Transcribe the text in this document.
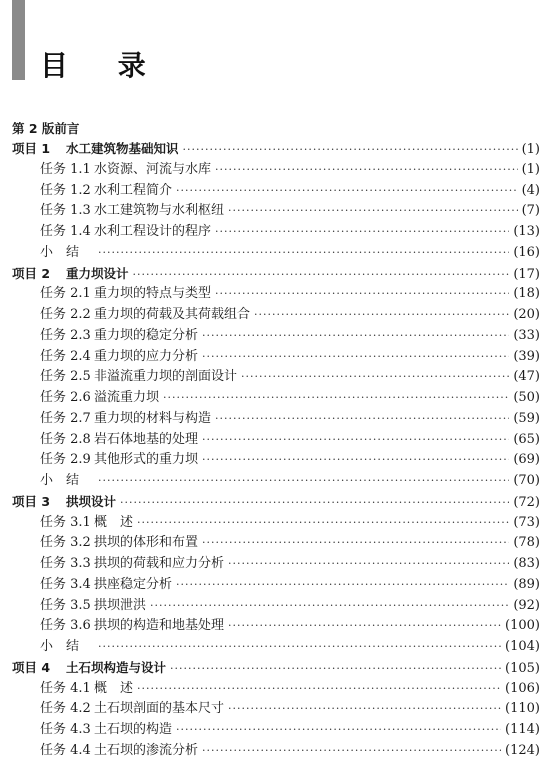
目 录
第 2 版前言
项目 1	水工建筑物基础知识 ·····	(1)
任务 1.1 水资源、河流与水库 ·····	(1)
任务 1.2 水利工程简介 ·····	(4)
任务 1.3 水工建筑物与水利枢纽 ·····	(7)
任务 1.4 水利工程设计的程序 ·····	(13)
小　结 ·····	(16)
项目 2	重力坝设计 ·····	(17)
任务 2.1 重力坝的特点与类型 ·····	(18)
任务 2.2 重力坝的荷载及其荷载组合 ·····	(20)
任务 2.3 重力坝的稳定分析 ·····	(33)
任务 2.4 重力坝的应力分析 ·····	(39)
任务 2.5 非溢流重力坝的剖面设计 ·····	(47)
任务 2.6 溢流重力坝 ·····	(50)
任务 2.7 重力坝的材料与构造 ·····	(59)
任务 2.8 岩石体地基的处理 ·····	(65)
任务 2.9 其他形式的重力坝 ·····	(69)
小　结 ·····	(70)
项目 3	拱坝设计 ·····	(72)
任务 3.1 概　述 ·····	(73)
任务 3.2 拱坝的体形和布置 ·····	(78)
任务 3.3 拱坝的荷载和应力分析 ·····	(83)
任务 3.4 拱座稳定分析 ·····	(89)
任务 3.5 拱坝泄洪 ·····	(92)
任务 3.6 拱坝的构造和地基处理 ·····	(100)
小　结 ·····	(104)
项目 4	土石坝构造与设计 ·····	(105)
任务 4.1 概　述 ·····	(106)
任务 4.2 土石坝剖面的基本尺寸 ·····	(110)
任务 4.3 土石坝的构造 ·····	(114)
任务 4.4 土石坝的渗流分析 ·····	(124)
